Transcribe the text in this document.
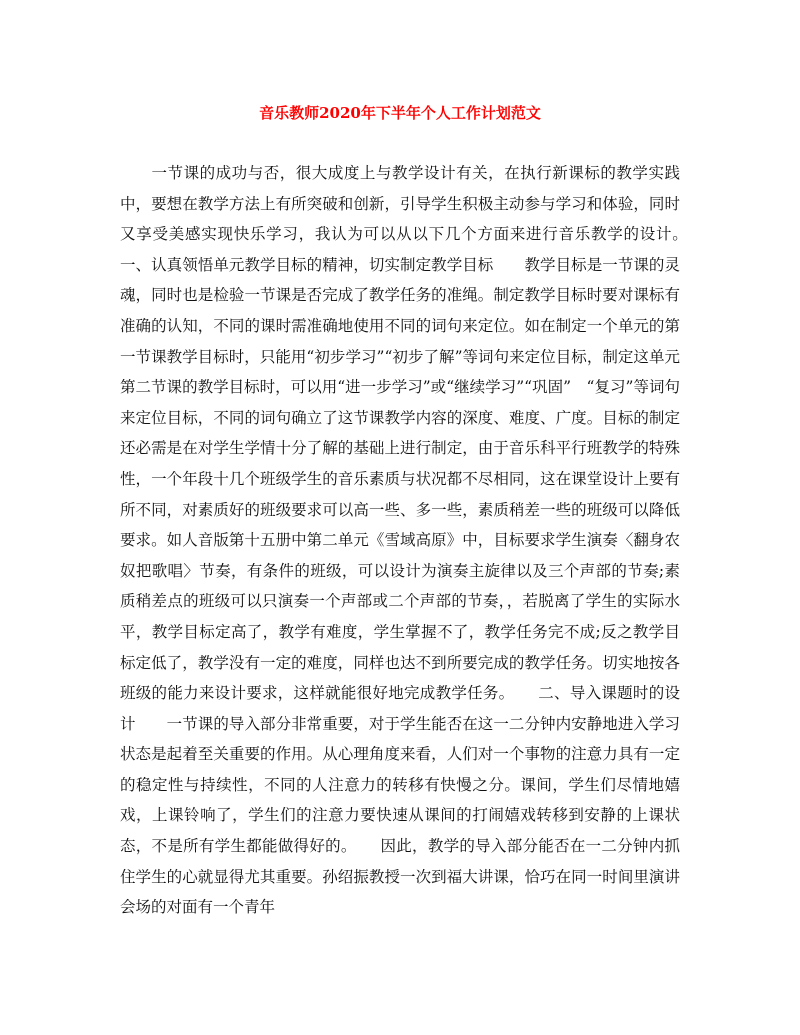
音乐教师2020年下半年个人工作计划范文

一节课的成功与否，很大成度上与教学设计有关，在执行新课标的教学实践中，要想在教学方法上有所突破和创新，引导学生积极主动参与学习和体验，同时又享受美感实现快乐学习，我认为可以从以下几个方面来进行音乐教学的设计。　　一、认真领悟单元教学目标的精神，切实制定教学目标　　教学目标是一节课的灵魂，同时也是检验一节课是否完成了教学任务的准绳。制定教学目标时要对课标有准确的认知，不同的课时需准确地使用不同的词句来定位。如在制定一个单元的第一节课教学目标时，只能用“初步学习”“初步了解”等词句来定位目标，制定这单元第二节课的教学目标时，可以用“进一步学习”或“继续学习”“巩固”　“复习”等词句来定位目标，不同的词句确立了这节课教学内容的深度、难度、广度。目标的制定还必需是在对学生学情十分了解的基础上进行制定，由于音乐科平行班教学的特殊性，一个年段十几个班级学生的音乐素质与状况都不尽相同，这在课堂设计上要有所不同，对素质好的班级要求可以高一些、多一些，素质稍差一些的班级可以降低要求。如人音版第十五册中第二单元《雪域高原》中，目标要求学生演奏〈翻身农奴把歌唱〉节奏，有条件的班级，可以设计为演奏主旋律以及三个声部的节奏;素质稍差点的班级可以只演奏一个声部或二个声部的节奏，，若脱离了学生的实际水平，教学目标定高了，教学有难度，学生掌握不了，教学任务完不成;反之教学目标定低了，教学没有一定的难度，同样也达不到所要完成的教学任务。切实地按各班级的能力来设计要求，这样就能很好地完成教学任务。　　二、导入课题时的设计　　一节课的导入部分非常重要，对于学生能否在这一二分钟内安静地进入学习状态是起着至关重要的作用。从心理角度来看，人们对一个事物的注意力具有一定的稳定性与持续性，不同的人注意力的转移有快慢之分。课间，学生们尽情地嬉戏，上课铃响了，学生们的注意力要快速从课间的打闹嬉戏转移到安静的上课状态，不是所有学生都能做得好的。　　因此，教学的导入部分能否在一二分钟内抓住学生的心就显得尤其重要。孙绍振教授一次到福大讲课，恰巧在同一时间里演讲会场的对面有一个青年
